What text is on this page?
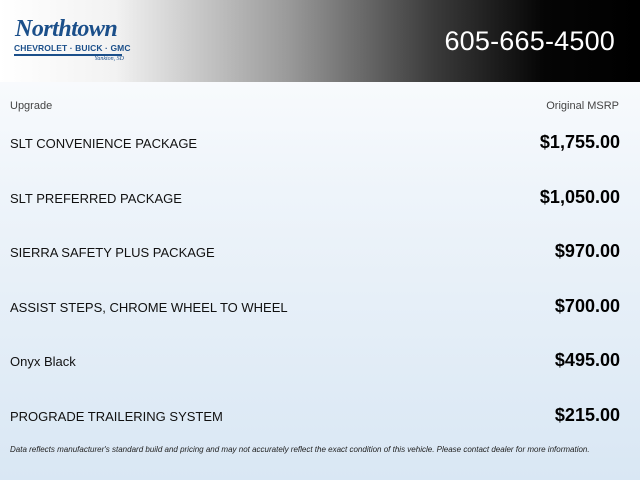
Northtown
CHEVROLET · BUICK · GMC
Yankton, SD
605-665-4500
Upgrade	Original MSRP
SLT CONVENIENCE PACKAGE	$1,755.00
SLT PREFERRED PACKAGE	$1,050.00
SIERRA SAFETY PLUS PACKAGE	$970.00
ASSIST STEPS, CHROME WHEEL TO WHEEL	$700.00
Onyx Black	$495.00
PROGRADE TRAILERING SYSTEM	$215.00
Data reflects manufacturer's standard build and pricing and may not accurately reflect the exact condition of this vehicle. Please contact dealer for more information.
